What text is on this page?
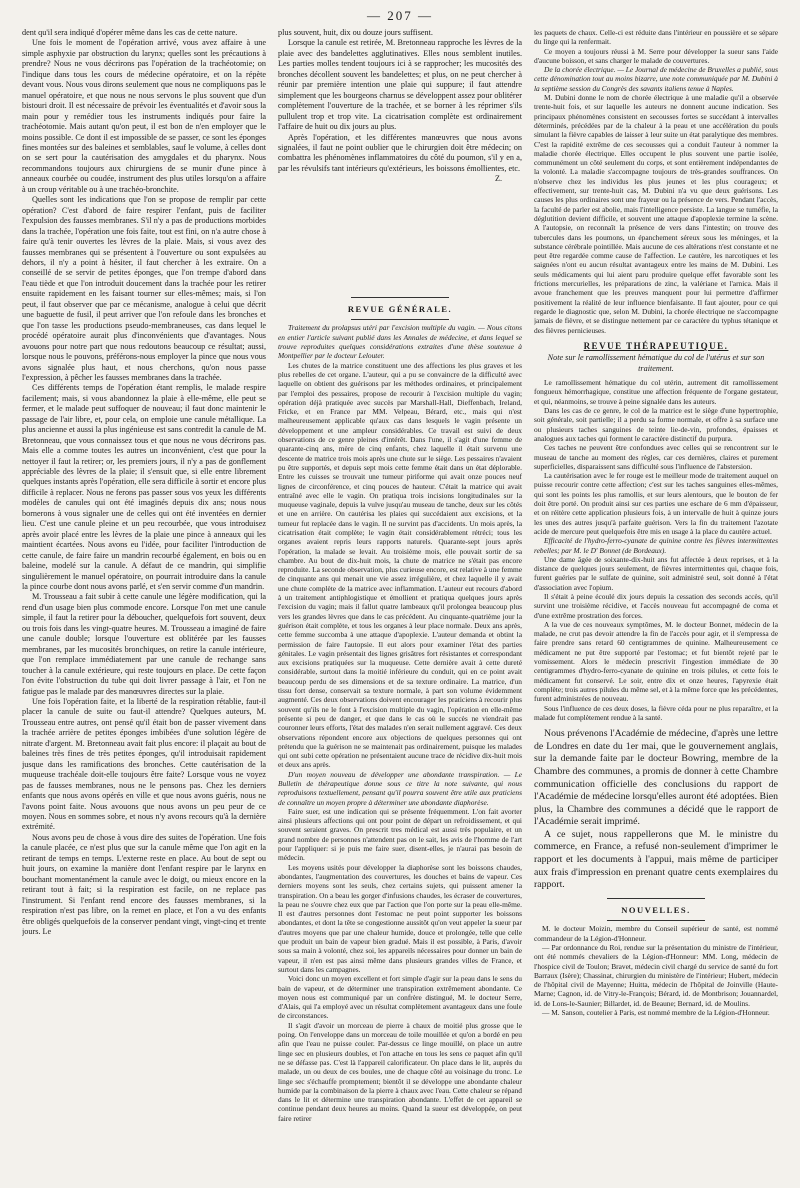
— 207 —

dent qu'il sera indiqué d'opérer même dans les cas de cette nature.

Une fois le moment de l'opération arrivé, vous avez affaire à une simple asphyxie par obstruction du larynx; quelles sont les précautions à prendre? Nous ne vous décrirons pas l'opération de la trachéotomie; on l'indique dans tous les cours de médecine opératoire, et on la répète devant vous. Nous vous dirons seulement que nous ne compliquons pas le manuel opératoire, et que nous ne nous servons le plus souvent que d'un bistouri droit. Il est nécessaire de prévoir les éventualités et d'avoir sous la main pour y remédier tous les instruments indiqués pour faire la trachéotomie. Mais autant qu'on peut, il est bon de n'en employer que le moins possible. Ce dont il est impossible de se passer, ce sont les éponges fines montées sur des baleines et semblables, sauf le volume, à celles dont on se sert pour la cautérisation des amygdales et du pharynx. Nous recommandons toujours aux chirurgiens de se munir d'une pince à anneaux courbée ou coudée, instrument des plus utiles lorsqu'on a affaire à un croup véritable ou à une trachéo-bronchite.

Quelles sont les indications que l'on se propose de remplir par cette opération? C'est d'abord de faire respirer l'enfant, puis de faciliter l'expulsion des fausses membranes. S'il n'y a pas de productions morbides dans la trachée, l'opération une fois faite, tout est fini, on n'a autre chose à faire qu'à tenir ouvertes les lèvres de la plaie. Mais, si vous avez des fausses membranes qui se présentent à l'ouverture ou sont expulsées au dehors, il n'y a point à hésiter, il faut chercher à les extraire. On a conseillé de se servir de petites éponges, que l'on trempe d'abord dans l'eau tiède et que l'on introduit doucement dans la trachée pour les retirer ensuite rapidement en les faisant tourner sur elles-mêmes; mais, si l'on peut, il faut observer que par ce mécanisme, analogue à celui que décrit une baguette de fusil, il peut arriver que l'on refoule dans les bronches et que l'on tasse les productions pseudo-membraneuses, cas dans lequel le procédé opératoire aurait plus d'inconvénients que d'avantages. Nous avouons pour notre part que nous redoutons beaucoup ce résultat; aussi, lorsque nous le pouvons, préférons-nous employer la pince que nous vous avons signalée plus haut, et nous cherchons, qu'on nous passe l'expression, à pêcher les fausses membranes dans la trachée.

Ces différents temps de l'opération étant remplis, le malade respire facilement; mais, si vous abandonnez la plaie à elle-même, elle peut se fermer, et le malade peut suffoquer de nouveau; il faut donc maintenir le passage de l'air libre, et, pour cela, on emploie une canule métallique. La plus ancienne et aussi la plus ingénieuse est sans contredit la canule de M. Bretonneau, que vous connaissez tous et que nous ne vous décrirons pas. Mais elle a comme toutes les autres un inconvénient, c'est que pour la nettoyer il faut la retirer; or, les premiers jours, il n'y a pas de gonflement appréciable des lèvres de la plaie; il s'ensuit que, si elle entre librement quelques instants après l'opération, elle sera difficile à sortir et encore plus difficile à replacer. Nous ne ferons pas passer sous vos yeux les différents modèles de canules qui ont été imaginés depuis dix ans; nous nous bornerons à vous signaler une de celles qui ont été inventées en dernier lieu. C'est une canule pleine et un peu recourbée, que vous introduisez après avoir placé entre les lèvres de la plaie une pince à anneaux qui les maintient écartées. Nous avons eu l'idée, pour faciliter l'introduction de cette canule, de faire faire un mandrin recourbé également, en bois ou en baleine, modelé sur la canule. A défaut de ce mandrin, qui simplifie singulièrement le manuel opératoire, on pourrait introduire dans la canule la pince courbe dont nous avons parlé, et s'en servir comme d'un mandrin.

M. Trousseau a fait subir à cette canule une légère modification, qui la rend d'un usage bien plus commode encore. Lorsque l'on met une canule simple, il faut la retirer pour la déboucher, quelquefois fort souvent, deux ou trois fois dans les vingt-quatre heures. M. Trousseau a imaginé de faire une canule double; lorsque l'ouverture est oblitérée par les fausses membranes, par les mucosités bronchiques, on retire la canule intérieure, que l'on remplace immédiatement par une canule de rechange sans toucher à la canule extérieure, qui reste toujours en place. De cette façon l'on évite l'obstruction du tube qui doit livrer passage à l'air, et l'on ne fatigue pas le malade par des manœuvres directes sur la plaie.

Une fois l'opération faite, et la liberté de la respiration rétablie, faut-il placer la canule de suite ou faut-il attendre? Quelques auteurs, M. Trousseau entre autres, ont pensé qu'il était bon de passer vivement dans la trachée arrière de petites éponges imbibées d'une solution légère de nitrate d'argent. M. Bretonneau avait fait plus encore: il plaçait au bout de baleines très fines de très petites éponges, qu'il introduisait rapidement jusque dans les ramifications des bronches. Cette cautérisation de la muqueuse trachéale doit-elle toujours être faite? Lorsque vous ne voyez pas de fausses membranes, nous ne le pensons pas. Chez les derniers enfants que nous avons opérés en ville et que nous avons guéris, nous ne l'avons point faite. Nous avouons que nous avons un peu peur de ce moyen. Nous en sommes sobre, et nous n'y avons recours qu'à la dernière extrémité.

Nous avons peu de chose à vous dire des suites de l'opération. Une fois la canule placée, ce n'est plus que sur la canule même que l'on agit en la retirant de temps en temps. L'externe reste en place. Au bout de sept ou huit jours, on examine la manière dont l'enfant respire par le larynx en bouchant momentanément la canule avec le doigt, ou mieux encore en la retirant tout à fait; si la respiration est facile, on ne replace pas l'instrument. Si l'enfant rend encore des fausses membranes, si la respiration n'est pas libre, on la remet en place, et l'on a vu des enfants être obligés quelquefois de la conserver pendant vingt, vingt-cinq et trente jours. Le

plus souvent, huit, dix ou douze jours suffisent.

Lorsque la canule est retirée, M. Bretonneau rapproche les lèvres de la plaie avec des bandelettes agglutinatives. Elles nous semblent inutiles. Les parties molles tendent toujours ici à se rapprocher; les mucosités des bronches décollent souvent les bandelettes; et plus, on ne peut chercher à réunir par première intention une plaie qui suppure; il faut attendre simplement que les bourgeons charnus se développent assez pour oblitérer complètement l'ouverture de la trachée, et se borner à les réprimer s'ils pullulent trop et trop vite. La cicatrisation complète est ordinairement l'affaire de huit ou dix jours au plus.

Après l'opération, et les différentes manœuvres que nous avons signalées, il faut ne point oublier que le chirurgien doit être médecin; on combattra les phénomènes inflammatoires du côté du poumon, s'il y en a, par les révulsifs tant intérieurs qu'extérieurs, les boissons émollientes, etc.

Z.
REVUE GÉNÉRALE.

Traitement du prolapsus utéri par l'excision multiple du vagin. — Nous citons en entier l'article suivant publié dans les Annales de médecine, et dans lequel se trouve reproduites quelques considérations extraites d'une thèse soutenue à Montpellier par le docteur Lelouter.

Les chutes de la matrice constituent une des affections les plus graves et les plus rebelles de cet organe. L'auteur, qui a pu se convaincre de la difficulté avec laquelle on obtient des guérisons par les méthodes ordinaires, et principalement par l'emploi des pessaires, propose de recourir à l'excision multiple du vagin; opération déjà pratiquée avec succès par Marshall-Hall, Dieffenbach, Ireland, Fricke, et en France par MM. Velpeau, Bérard, etc., mais qui n'est malheureusement applicable qu'aux cas dans lesquels le vagin présente un développement et une ampleur considérables. Ce travail est suivi de deux observations de ce genre pleines d'intérêt. Dans l'une, il s'agit d'une femme de quarante-cinq ans, mère de cinq enfants, chez laquelle il était survenu une descente de matrice trois mois après une chute sur le siège. Les pessaires n'avaient pu être supportés, et depuis sept mois cette femme était dans un état déplorable. Entre les cuisses se trouvait une tumeur piriforme qui avait onze pouces neuf lignes de circonférence, et cinq pouces de hauteur. C'était la matrice qui avait entraîné avec elle le vagin. On pratiqua trois incisions longitudinales sur la muqueuse vaginale, depuis la vulve jusqu'au museau de tanche, deux sur les côtés et une en arrière. On cautérisa les plaies qui succédaient aux excisions, et la tumeur fut replacée dans le vagin. Il ne survint pas d'accidents. Un mois après, la cicatrisation était complète; le vagin était considérablement rétréci; tous les organes avaient repris leurs rapports naturels. Quarante-sept jours après l'opération, la malade se levait. Au troisième mois, elle pouvait sortir de sa chambre. Au bout de dix-huit mois, la chute de matrice ne s'était pas encore reproduite. La seconde observation, plus curieuse encore, est relative à une femme de cinquante ans qui menait une vie assez irrégulière, et chez laquelle il y avait une chute complète de la matrice avec inflammation. L'auteur eut recours d'abord à un traitement antiphlogistique et émollient et pratiqua quelques jours après l'excision du vagin; mais il fallut quatre lambeaux qu'il prolongea beaucoup plus vers les grandes lèvres que dans le cas précédent. Au cinquante-quatrième jour la guérison était complète, et tous les organes à leur place normale. Deux ans après, cette femme succomba à une attaque d'apoplexie. L'auteur demanda et obtint la permission de faire l'autopsie. Il eut alors pour examiner l'état des parties génitales. Le vagin présentait des lignes grisâtres fort résistantes et correspondant aux excisions pratiquées sur la muqueuse. Cette dernière avait à cette dureté considérable, surtout dans la moitié inférieure du conduit, qui en ce point avait beaucoup perdu de ses dimensions et de sa texture ordinaire. La matrice, d'un tissu fort dense, conservait sa texture normale, à part son volume évidemment augmenté. Ces deux observations doivent encourager les praticiens à recourir plus souvent qu'ils ne le font à l'excision multiple du vagin, l'opération en elle-même présente si peu de danger, et que dans le cas où le succès ne viendrait pas couronner leurs efforts, l'état des malades n'en serait nullement aggravé. Ces deux observations répondent encore aux objections de quelques personnes qui ont prétendu que la guérison ne se maintenait pas ordinairement, puisque les malades qui ont subi cette opération ne présentaient aucune trace de récidive dix-huit mois et deux ans après.

D'un moyen nouveau de développer une abondante transpiration. — Le Bulletin de thérapeutique donne sous ce titre la note suivante, qui nous reproduisons textuellement, pensant qu'il pourra souvent être utile aux praticiens de connaître un moyen propre à déterminer une abondante diaphorèse.

Faire suer, est une indication qui se présente fréquemment. L'on fait avorter ainsi plusieurs affections qui ont pour point de départ un refroidissement, et qui souvent seraient graves. On prescrit tres médical est aussi très populaire, et un grand nombre de personnes n'attendent pas on le sait, les avis de l'homme de l'art pour l'appliquer: si je puis me faire suer, disent-elles, je n'aurai pas besoin de médecin.

Les moyens usités pour développer la diaphorèse sont les boissons chaudes, abondantes, l'augmentation des couvertures, les douches et bains de vapeur. Ces derniers moyens sont les seuls, chez certains sujets, qui puissent amener la transpiration. On a beau les gorger d'infusions chaudes, les écraser de couvertures, la peau ne s'ouvre chez eux que par l'action que l'on porte sur la peau elle-même. Il est d'autres personnes dont l'estomac ne peut point supporter les boissons abondantes, et dont la tête se congestionne aussitôt qu'on veut appeler la sueur par d'autres moyens que par une chaleur humide, douce et prolongée, telle que celle que produit un bain de vapeur bien gradué. Mais il est possible, à Paris, d'avoir sous sa main à volonté, chez soi, les appareils nécessaires pour donner un bain de vapeur, il n'en est pas ainsi même dans plusieurs grandes villes de France, et surtout dans les campagnes.

Voici donc un moyen excellent et fort simple d'agir sur la peau dans le sens du bain de vapeur, et de déterminer une transpiration extrêmement abondante. Ce moyen nous est communiqué par un confrère distingué, M. le docteur Serre, d'Alais, qui l'a employé avec un résultat complètement avantageux dans une foule de circonstances.

Il s'agit d'avoir un morceau de pierre à chaux de moitié plus grosse que le poing. On l'enveloppe dans un morceau de toile mouillée et qu'on a bordé en peu afin que l'eau ne puisse couler. Par-dessus ce linge mouillé, on place un autre linge sec en plusieurs doubles, et l'on attache en tous les sens ce paquet afin qu'il ne se défasse pas. C'est là l'appareil calorificateur. On place dans le lit, auprès du malade, un ou deux de ces boules, une de chaque côté au voisinage du tronc. Le linge sec s'échauffe promptement; bientôt il se développe une abondante chaleur humide par la combinaison de la pierre à chaux avec l'eau. Cette chaleur se répand dans le lit et détermine une transpiration abondante. L'effet de cet appareil se continue pendant deux heures au moins. Quand la sueur est développée, on peut faire retirer

les paquets de chaux. Celle-ci est réduite dans l'intérieur en poussière et se sépare du linge qui la renfermait.

Ce moyen a toujours réussi à M. Serre pour développer la sueur sans l'aide d'aucune boisson, et sans charger le malade de couvertures.

De la chorée électrique. — Le Journal de médecine de Bruxelles a publié, sous cette dénomination tout au moins bizarre, une note communiquée par M. Dubini à la septième session du Congrès des savants italiens tenue à Naples.

M. Dubini donne le nom de chorée électrique à une maladie qu'il a observée trente-huit fois, et sur laquelle les auteurs ne donnent aucune indication. Ses principaux phénomènes consistent en secousses fortes se succédant à intervalles déterminés, précédées par de la chaleur à la peau et une accélération du pouls simulant la fièvre capables de laisser à leur suite un état paralytique des membres. C'est la rapidité extrême de ces secousses qui a conduit l'auteur à nommer la maladie chorée électrique. Elles occupent le plus souvent une partie isolée, communément un côté seulement du corps, et sont entièrement indépendantes de la volonté. La maladie s'accompagne toujours de très-grandes souffrances. On n'observe chez les individus les plus jeunes et les plus courageux; et effectivement, sur trente-huit cas, M. Dubini n'a vu que deux guérisons. Les causes les plus ordinaires sont une frayeur ou la présence de vers. Pendant l'accès, la faculté de parler est abolie, mais l'intelligence persiste. La langue se tuméfie, la déglutition devient difficile, et souvent une attaque d'apoplexie termine la scène. A l'autopsie, on reconnaît la présence de vers dans l'intestin; on trouve des tubercules dans les poumons, un épanchement séreux sous les méninges, et la substance cérébrale pointillée. Mais aucune de ces altérations n'est constante et ne peut être regardée comme cause de l'affection. Le cautère, les narcotiques et les saignées n'ont eu aucun résultat avantageux entre les mains de M. Dubini. Les seuls médicaments qui lui aient paru produire quelque effet favorable sont les frictions mercurielles, les préparations de zinc, la valériane et l'arnica. Mais il avoue franchement que les preuves manquent pour lui permettre d'affirmer positivement la réalité de leur influence bienfaisante. Il faut ajouter, pour ce qui regarde le diagnostic que, selon M. Dubini, la chorée électrique ne s'accompagne jamais de fièvre, et se distingue nettement par ce caractère du typhus tétanique et des fièvres pernicieuses.

REVUE THÉRAPEUTIQUE.
Note sur le ramollissement hématique du col de l'utérus et sur son traitement.

Le ramollissement hématique du col utérin, autrement dit ramollissement fongueux hémorrhagique, constitue une affection fréquente de l'organe gestateur, et qui, néanmoins, se trouve à peine signalée dans les auteurs.

Dans les cas de ce genre, le col de la matrice est le siège d'une hypertrophie, soit générale, soit partielle; il a perdu sa forme normale, et offre à sa surface une ou plusieurs taches sanguines de teinte lie-de-vin, profondes, épaisses et analogues aux taches qui forment le caractère distinctif du purpura.

Ces taches ne peuvent être confondues avec celles qui se rencontrent sur le museau de tanche au moment des règles, car ces dernières, claires et purement superficielles, disparaissent sans difficulté sous l'influence de l'abstersion.

La cautérisation avec le fer rouge est le meilleur mode de traitement auquel on puisse recourir contre cette affection; c'est sur les taches sanguines elles-mêmes, qui sont les points les plus ramollis, et sur leurs alentours, que le bouton de fer doit être porté. On produit ainsi sur ces parties une eschare de 6 mm d'épaisseur, et on réitère cette application plusieurs fois, à un intervalle de huit à quinze jours les unes des autres jusqu'à parfaite guérison. Vers la fin du traitement l'azotate acide de mercure peut quelquefois être mis en usage à la place du cautère actuel.

Efficacité de l'hydro-ferro-cyanate de quinine contre les fièvres intermittentes rebelles; par M. le D' Bonnet (de Bordeaux).

Une dame âgée de soixante-dix-huit ans fut affectée à deux reprises, et à la distance de quelques jours seulement, de fièvres intermittentes qui, chaque fois, furent guéries par le sulfate de quinine, soit administré seul, soit donné à l'état d'association avec l'opium.

Il s'était à peine écoulé dix jours depuis la cessation des seconds accès, qu'il survint une troisième récidive, et l'accès nouveau fut accompagné de coma et d'une extrême prostration des forces.

A la vue de ces nouveaux symptômes, M. le docteur Bonnet, médecin de la malade, ne crut pas devoir attendre la fin de l'accès pour agir, et il s'empressa de faire prendre sans retard 60 centigrammes de quinine. Malheureusement ce médicament ne put être supporté par l'estomac; et fut bientôt rejeté par le vomissement. Alors le médecin prescrivit l'ingestion immédiate de 30 centigrammes d'hydro-ferro-cyanate de quinine en trois pilules, et cette fois le médicament fut conservé. Le soir, entre dix et onze heures, l'apyrexie était complète; trois autres pilules du même sel, et à la même force que les précédentes, furent administrées de nouveau.

Sous l'influence de ces deux doses, la fièvre céda pour ne plus reparaître, et la malade fut complètement rendue à la santé.

Nous prévenons l'Académie de médecine, d'après une lettre de Londres en date du 1er mai, que le gouvernement anglais, sur la demande faite par le docteur Bowring, membre de la Chambre des communes, a promis de donner à cette Chambre communication officielle des conclusions du rapport de l'Académie de médecine lorsqu'elles auront été adoptées. Bien plus, la Chambre des communes a décidé que le rapport de l'Académie serait imprimé.

A ce sujet, nous rappellerons que M. le ministre du commerce, en France, a refusé non-seulement d'imprimer le rapport et les documents à l'appui, mais même de participer aux frais d'impression en prenant quatre cents exemplaires du rapport.

NOUVELLES.

M. le docteur Moizin, membre du Conseil supérieur de santé, est nommé commandeur de la Légion-d'Honneur.

— Par ordonnance du Roi, rendue sur la présentation du ministre de l'intérieur, ont été nommés chevaliers de la Légion-d'Honneur: MM. Long, médecin de l'hospice civil de Toulon; Bravet, médecin civil chargé du service de santé du fort Barraux (Isère); Chassinat, chirurgien du ministère de l'intérieur; Hubert, médecin de l'hôpital civil de Mayenne; Huitta, médecin de l'hôpital de Joinville (Haute-Marne; Cagnon, id. de Vitry-le-François; Bérard, id. de Montbrison; Jouannardel, id. de Lons-le-Saunier; Billardet, id. de Beaune; Bernard, id. de Moulins.

— M. Sanson, coutelier à Paris, est nommé membre de la Légion-d'Honneur.
